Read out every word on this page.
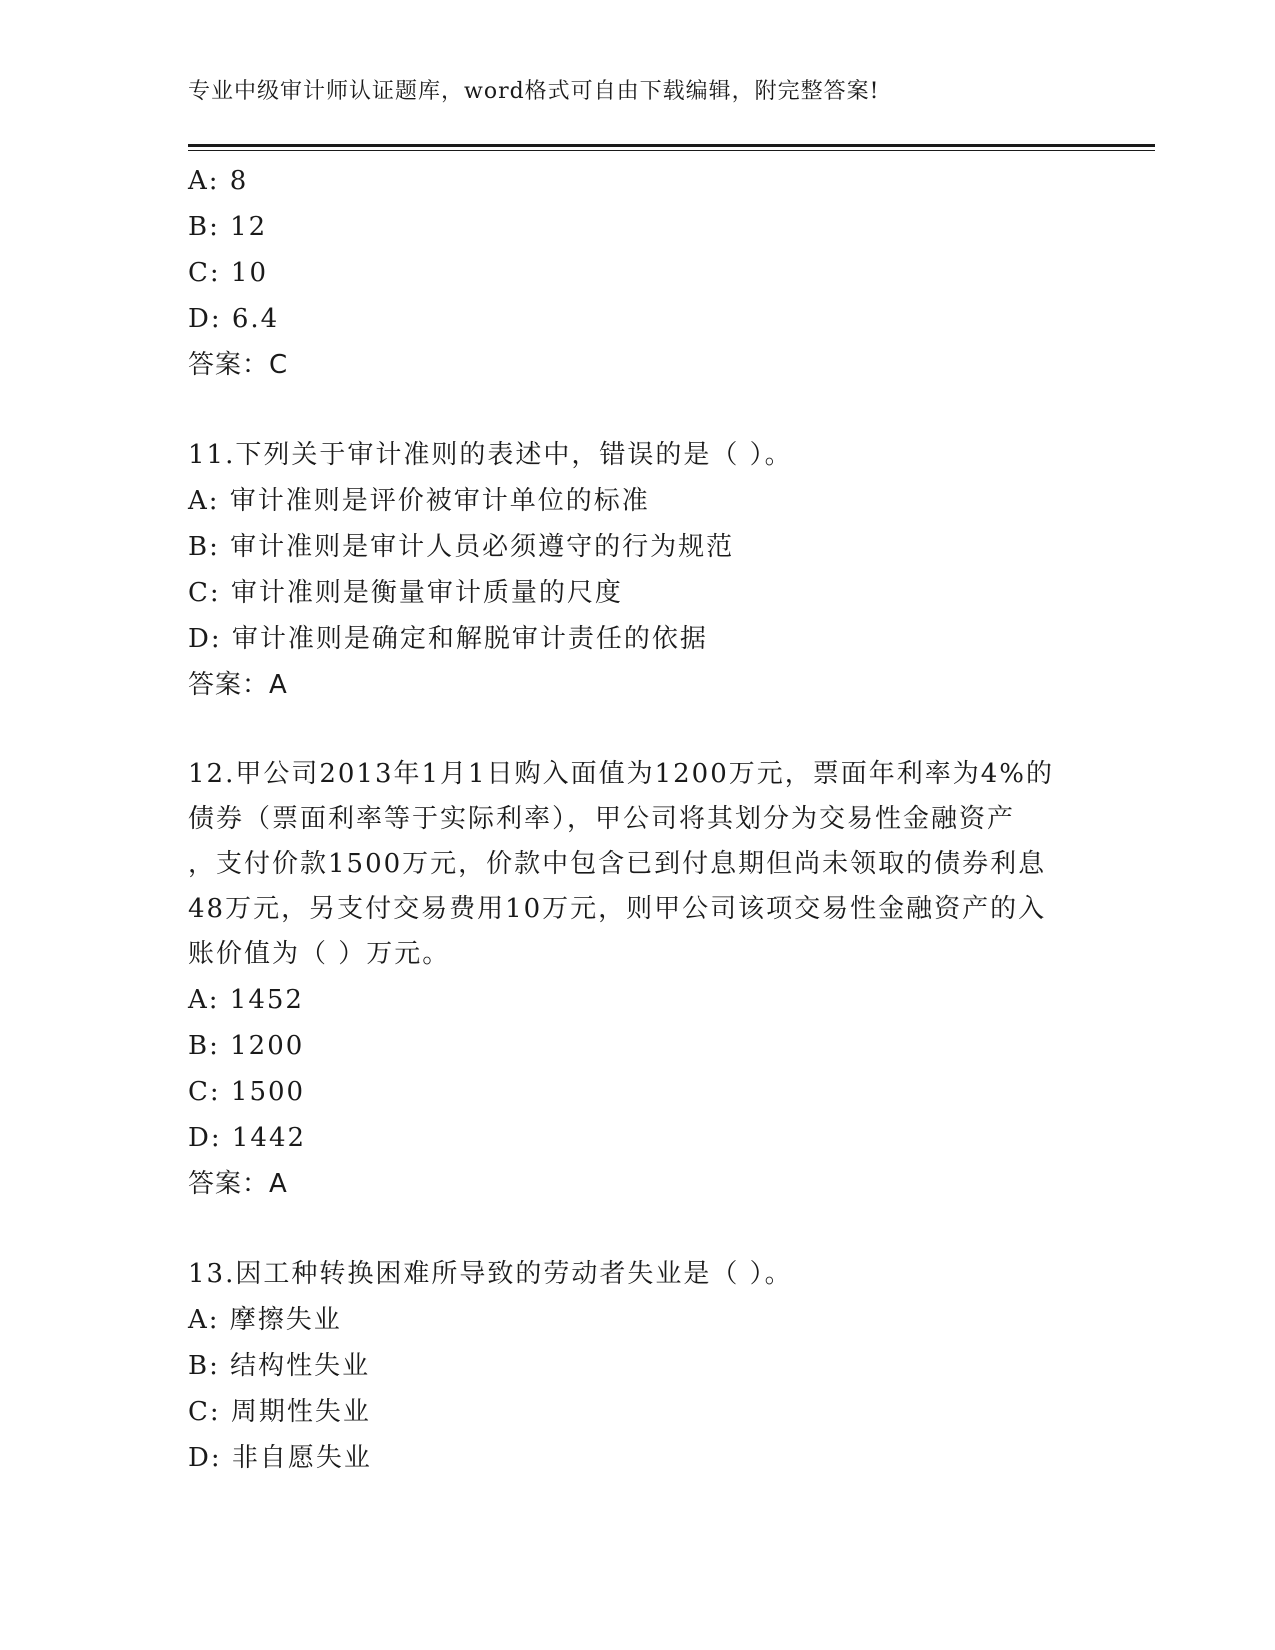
专业中级审计师认证题库，word格式可自由下载编辑，附完整答案!
A: 8
B: 12
C: 10
D: 6.4
答案：C
11.下列关于审计准则的表述中，错误的是（ ）。
A: 审计准则是评价被审计单位的标准
B: 审计准则是审计人员必须遵守的行为规范
C: 审计准则是衡量审计质量的尺度
D: 审计准则是确定和解脱审计责任的依据
答案：A
12.甲公司2013年1月1日购入面值为1200万元，票面年利率为4%的
债券（票面利率等于实际利率），甲公司将其划分为交易性金融资产
，支付价款1500万元，价款中包含已到付息期但尚未领取的债券利息
48万元，另支付交易费用10万元，则甲公司该项交易性金融资产的入
账价值为（ ）万元。
A: 1452
B: 1200
C: 1500
D: 1442
答案：A
13.因工种转换困难所导致的劳动者失业是（ ）。
A: 摩擦失业
B: 结构性失业
C: 周期性失业
D: 非自愿失业
